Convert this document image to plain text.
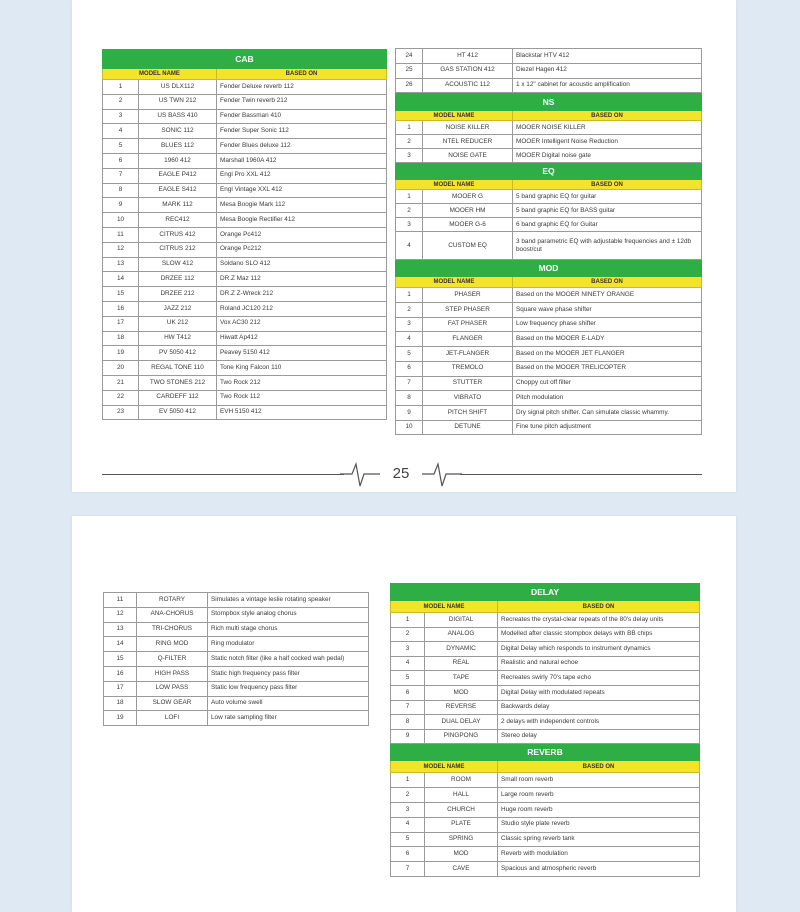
CAB		
MODEL NAME		BASED ON
1	US DLX112	Fender Deluxe reverb 112
2	US TWN 212	Fender Twin reverb 212
3	US BASS 410	Fender Bassman 410
4	SONIC 112	Fender Super Sonic 112
5	BLUES 112	Fender Blues deluxe 112
6	1960 412	Marshall 1960A 412
7	EAGLE P412	Engl Pro XXL 412
8	EAGLE S412	Engl Vintage XXL 412
9	MARK 112	Mesa Boogie Mark 112
10	REC412	Mesa Boogie Rectifier 412
11	CITRUS 412	Orange Pc412
12	CITRUS 212	Orange Pc212
13	SLOW 412	Soldano SLO 412
14	DRZEE 112	DR.Z Maz 112
15	DRZEE 212	DR.Z Z-Wreck 212
16	JAZZ 212	Roland JC120 212
17	UK 212	Vox AC30 212
18	HW T412	Hiwatt Ap412
19	PV 5050 412	Peavey 5150 412
20	REGAL TONE 110	Tone King Falcon 110
21	TWO STONES 212	Two Rock 212
22	CARDEFF 112	Two Rock 112
23	EV 5050 412	EVH 5150 412
24	HT 412	Blackstar HTV 412
25	GAS STATION 412	Diezel Hagen 412
26	ACOUSTIC 112	1 x 12" cabinet for acoustic amplification
NS		
MODEL NAME		BASED ON
1	NOISE KILLER	MOOER NOISE KILLER
2	NTEL REDUCER	MOOER Intelligent Noise Reduction
3	NOISE GATE	MOOER Digital noise gate
EQ		
MODEL NAME		BASED ON
1	MOOER G	5 band graphic EQ for guitar
2	MOOER HM	5 band graphic EQ for BASS guitar
3	MOOER G-6	6 band graphic EQ for Guitar
4	CUSTOM EQ	3 band parametric EQ with adjustable frequencies and ± 12db boost/cut
MOD		
MODEL NAME		BASED ON
1	PHASER	Based on the MOOER NINETY ORANGE
2	STEP PHASER	Square wave phase shifter
3	FAT PHASER	Low frequency phase shifter
4	FLANGER	Based on the MOOER E-LADY
5	JET-FLANGER	Based on the MOOER JET FLANGER
6	TREMOLO	Based on the MOOER TRELICOPTER
7	STUTTER	Choppy cut off filter
8	VIBRATO	Pitch modulation
9	PITCH SHIFT	Dry signal pitch shifter. Can simulate classic whammy.
10	DETUNE	Fine tune pitch adjustment
25
11	ROTARY	Simulates a vintage leslie rotating speaker
12	ANA-CHORUS	Stompbox style analog chorus
13	TRI-CHORUS	Rich multi stage chorus
14	RING MOD	Ring modulator
15	Q-FILTER	Static notch filter (like a half cocked wah pedal)
16	HIGH PASS	Static high frequency pass filter
17	LOW PASS	Static low frequency pass filter
18	SLOW GEAR	Auto volume swell
19	LOFI	Low rate sampling filter
DELAY		
MODEL NAME		BASED ON
1	DIGITAL	Recreates the crystal-clear repeats of the 80's delay units
2	ANALOG	Modelled after classic stompbox delays with BB chips
3	DYNAMIC	Digital Delay which responds to instrument dynamics
4	REAL	Realistic and natural echoe
5	TAPE	Recreates swirly 70's tape echo
6	MOD	Digital Delay with modulated repeats
7	REVERSE	Backwards delay
8	DUAL DELAY	2 delays with independent controls
9	PINGPONG	Stereo delay
REVERB		
MODEL NAME		BASED ON
1	ROOM	Small room reverb
2	HALL	Large room reverb
3	CHURCH	Huge room reverb
4	PLATE	Studio style plate reverb
5	SPRING	Classic spring reverb tank
6	MOD	Reverb with modulation
7	CAVE	Spacious and atmospheric reverb
